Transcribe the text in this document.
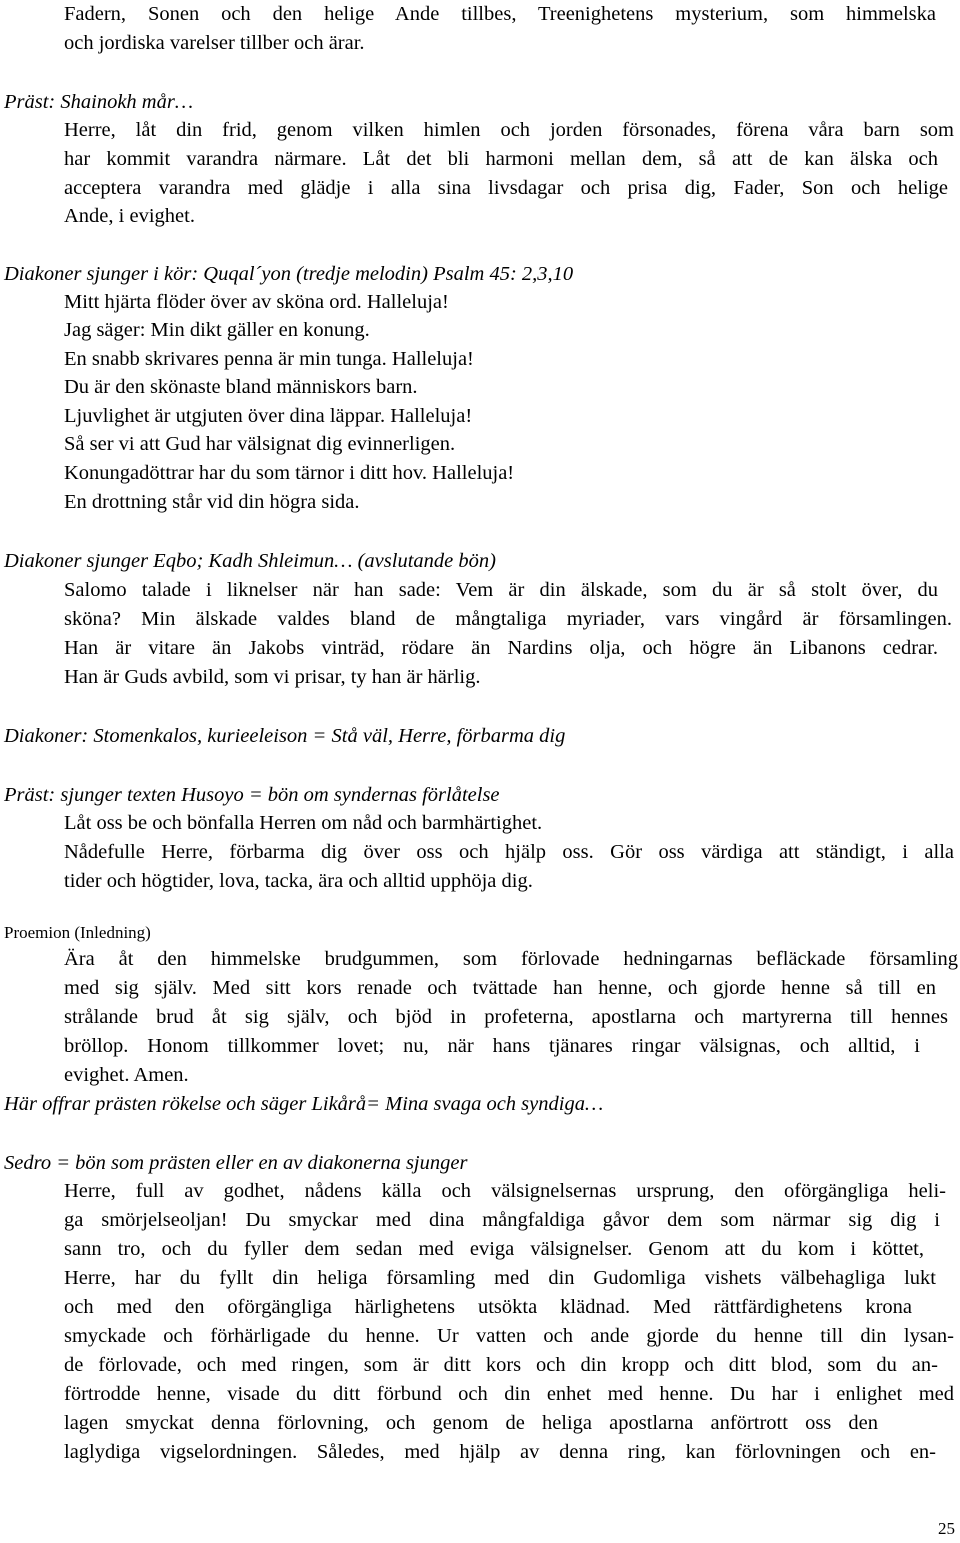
Fadern, Sonen och den helige Ande tillbes, Treenighetens mysterium, som himmelska
och jordiska varelser tillber och ärar.
Präst: Shainokh mår…
Herre, låt din frid, genom vilken himlen och jorden försonades, förena våra barn som
har kommit varandra närmare. Låt det bli harmoni mellan dem, så att de kan älska och
acceptera varandra med glädje i alla sina livsdagar och prisa dig, Fader, Son och helige
Ande, i evighet.
Diakoner sjunger i kör: Quqal´yon (tredje melodin) Psalm 45: 2,3,10
Mitt hjärta flöder över av sköna ord. Halleluja!
Jag säger: Min dikt gäller en konung.
En snabb skrivares penna är min tunga. Halleluja!
Du är den skönaste bland människors barn.
Ljuvlighet är utgjuten över dina läppar. Halleluja!
Så ser vi att Gud har välsignat dig evinnerligen.
Konungadöttrar har du som tärnor i ditt hov. Halleluja!
En drottning står vid din högra sida.
Diakoner sjunger Eqbo; Kadh Shleimun… (avslutande bön)
Salomo talade i liknelser när han sade: Vem är din älskade, som du är så stolt över, du
sköna? Min älskade valdes bland de mångtaliga myriader, vars vingård är församlingen.
Han är vitare än Jakobs vinträd, rödare än Nardins olja, och högre än Libanons cedrar.
Han är Guds avbild, som vi prisar, ty han är härlig.
Diakoner: Stomenkalos, kurieeleison = Stå väl, Herre, förbarma dig
Präst: sjunger texten Husoyo = bön om syndernas förlåtelse
Låt oss be och bönfalla Herren om nåd och barmhärtighet.
Nådefulle Herre, förbarma dig över oss och hjälp oss. Gör oss värdiga att ständigt, i alla
tider och högtider, lova, tacka, ära och alltid upphöja dig.
Proemion (Inledning)
Ära åt den himmelske brudgummen, som förlovade hedningarnas befläckade församling
med sig själv. Med sitt kors renade och tvättade han henne, och gjorde henne så till en
strålande brud åt sig själv, och bjöd in profeterna, apostlarna och martyrerna till hennes
bröllop. Honom tillkommer lovet; nu, när hans tjänares ringar välsignas, och alltid, i
evighet. Amen.
Här offrar prästen rökelse och säger Likårå= Mina svaga och syndiga…
Sedro = bön som prästen eller en av diakonerna sjunger
Herre, full av godhet, nådens källa och välsignelsernas ursprung, den oförgängliga heli-
ga smörjelseoljan! Du smyckar med dina mångfaldiga gåvor dem som närmar sig dig i
sann tro, och du fyller dem sedan med eviga välsignelser. Genom att du kom i köttet,
Herre, har du fyllt din heliga församling med din Gudomliga vishets välbehagliga lukt
och med den oförgängliga härlighetens utsökta klädnad. Med rättfärdighetens krona
smyckade och förhärligade du henne. Ur vatten och ande gjorde du henne till din lysan-
de förlovade, och med ringen, som är ditt kors och din kropp och ditt blod, som du an-
förtrodde henne, visade du ditt förbund och din enhet med henne. Du har i enlighet med
lagen smyckat denna förlovning, och genom de heliga apostlarna anförtrott oss den
laglydiga vigselordningen. Således, med hjälp av denna ring, kan förlovningen och en-
25
